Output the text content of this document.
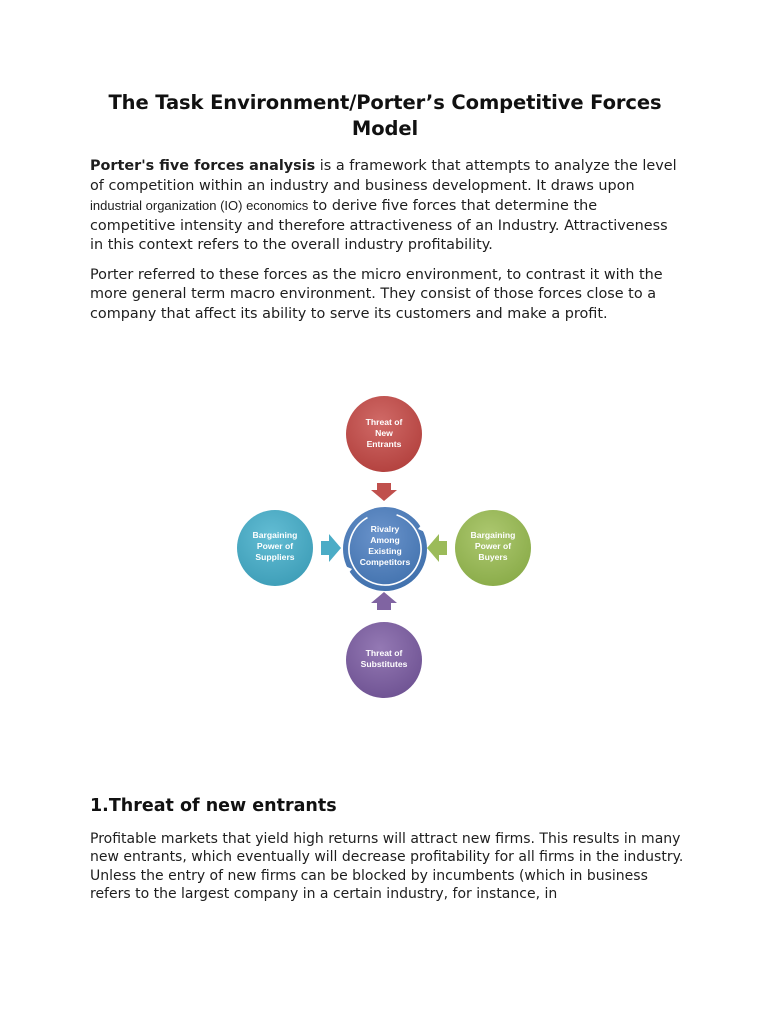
The Task Environment/Porter’s Competitive Forces Model

Porter's five forces analysis is a framework that attempts to analyze the level of competition within an industry and business development. It draws upon industrial organization (IO) economics to derive five forces that determine the competitive intensity and therefore attractiveness of an Industry. Attractiveness in this context refers to the overall industry profitability.

Porter referred to these forces as the micro environment, to contrast it with the more general term macro environment. They consist of those forces close to a company that affect its ability to serve its customers and make a profit.

Threat of
New
Entrants
Bargaining
Power of
Suppliers
Rivalry
Among
Existing
Competitors
Bargaining
Power of
Buyers
Threat of
Substitutes
1.Threat of new entrants

Profitable markets that yield high returns will attract new firms. This results in many new entrants, which eventually will decrease profitability for all firms in the industry. Unless the entry of new firms can be blocked by incumbents (which in business refers to the largest company in a certain industry, for instance, in
